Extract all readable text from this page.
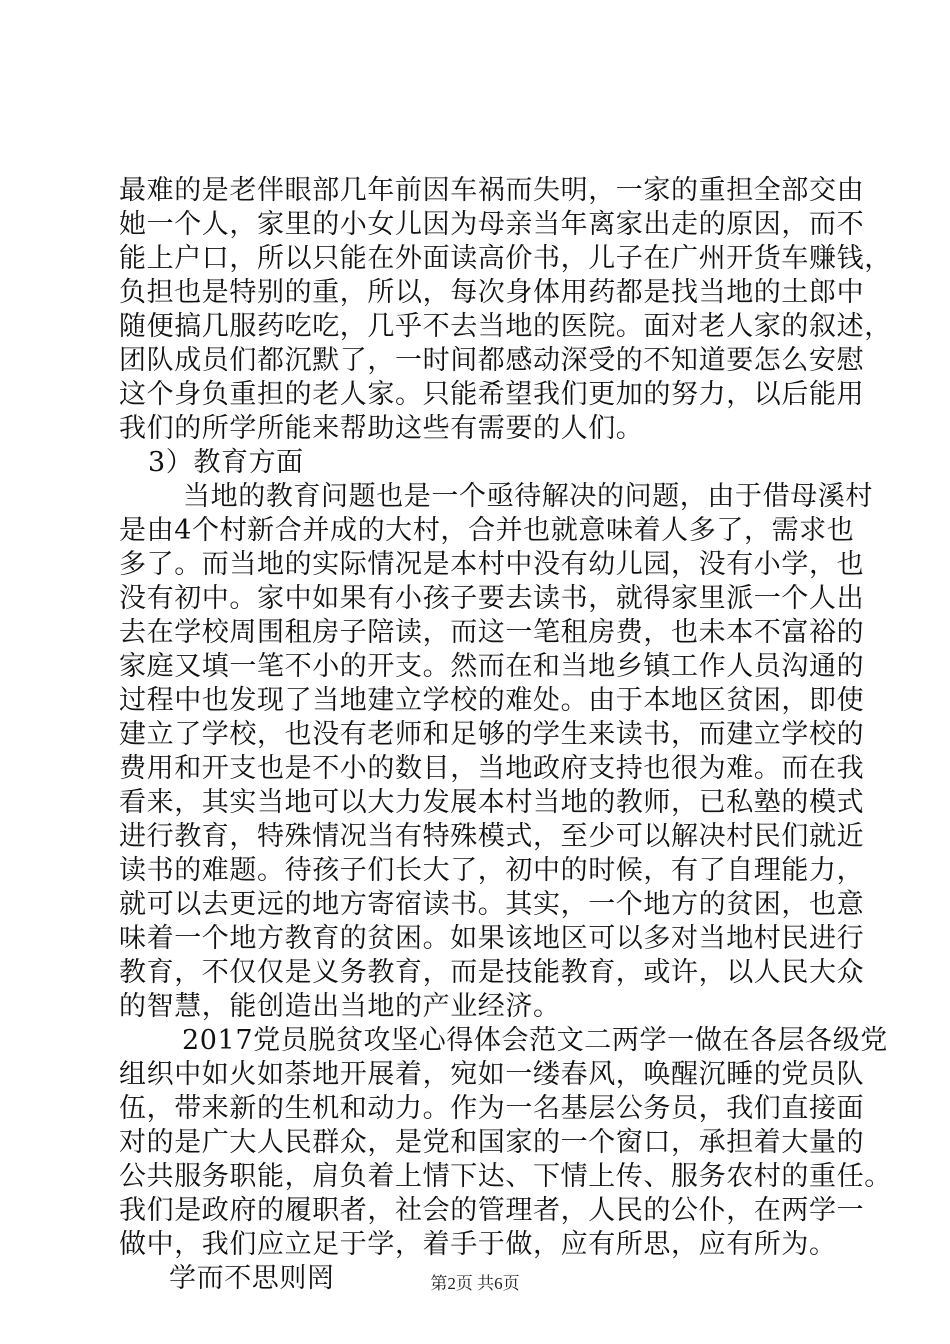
最难的是老伴眼部几年前因车祸而失明，一家的重担全部交由
她一个人，家里的小女儿因为母亲当年离家出走的原因，而不
能上户口，所以只能在外面读高价书，儿子在广州开货车赚钱，
负担也是特别的重，所以，每次身体用药都是找当地的土郎中
随便搞几服药吃吃，几乎不去当地的医院。面对老人家的叙述，
团队成员们都沉默了，一时间都感动深受的不知道要怎么安慰
这个身负重担的老人家。只能希望我们更加的努力，以后能用
我们的所学所能来帮助这些有需要的人们。
3）教育方面
当地的教育问题也是一个亟待解决的问题，由于借母溪村
是由4个村新合并成的大村，合并也就意味着人多了，需求也
多了。而当地的实际情况是本村中没有幼儿园，没有小学，也
没有初中。家中如果有小孩子要去读书，就得家里派一个人出
去在学校周围租房子陪读，而这一笔租房费，也未本不富裕的
家庭又填一笔不小的开支。然而在和当地乡镇工作人员沟通的
过程中也发现了当地建立学校的难处。由于本地区贫困，即使
建立了学校，也没有老师和足够的学生来读书，而建立学校的
费用和开支也是不小的数目，当地政府支持也很为难。而在我
看来，其实当地可以大力发展本村当地的教师，已私塾的模式
进行教育，特殊情况当有特殊模式，至少可以解决村民们就近
读书的难题。待孩子们长大了，初中的时候，有了自理能力，
就可以去更远的地方寄宿读书。其实，一个地方的贫困，也意
味着一个地方教育的贫困。如果该地区可以多对当地村民进行
教育，不仅仅是义务教育，而是技能教育，或许，以人民大众
的智慧，能创造出当地的产业经济。
2017党员脱贫攻坚心得体会范文二两学一做在各层各级党
组织中如火如荼地开展着，宛如一缕春风，唤醒沉睡的党员队
伍，带来新的生机和动力。作为一名基层公务员，我们直接面
对的是广大人民群众，是党和国家的一个窗口，承担着大量的
公共服务职能，肩负着上情下达、下情上传、服务农村的重任。
我们是政府的履职者，社会的管理者，人民的公仆，在两学一
做中，我们应立足于学，着手于做，应有所思，应有所为。
学而不思则罔	第2页 共6页
